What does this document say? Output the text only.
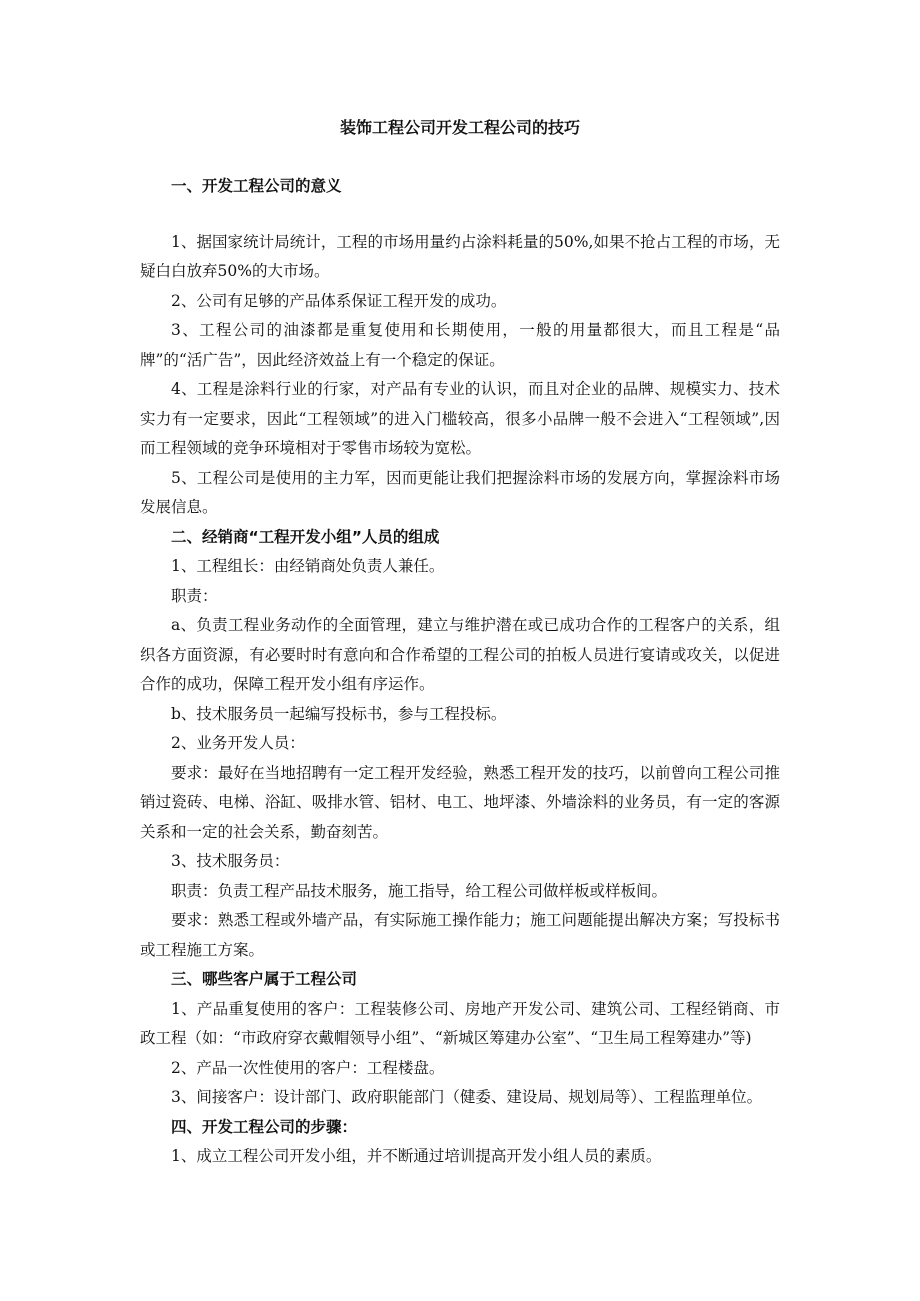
装饰工程公司开发工程公司的技巧

一、开发工程公司的意义

1、据国家统计局统计，工程的市场用量约占涂料耗量的50%,如果不抢占工程的市场，无疑白白放弃50%的大市场。

2、公司有足够的产品体系保证工程开发的成功。

3、工程公司的油漆都是重复使用和长期使用，一般的用量都很大，而且工程是“品牌”的“活广告”，因此经济效益上有一个稳定的保证。

4、工程是涂料行业的行家，对产品有专业的认识，而且对企业的品牌、规模实力、技术实力有一定要求，因此“工程领域”的进入门槛较高，很多小品牌一般不会进入“工程领域”,因而工程领域的竞争环境相对于零售市场较为宽松。

5、工程公司是使用的主力军，因而更能让我们把握涂料市场的发展方向，掌握涂料市场发展信息。

二、经销商“工程开发小组”人员的组成

1、工程组长：由经销商处负责人兼任。

职责：

a、负责工程业务动作的全面管理，建立与维护潜在或已成功合作的工程客户的关系，组织各方面资源，有必要时时有意向和合作希望的工程公司的拍板人员进行宴请或攻关，以促进合作的成功，保障工程开发小组有序运作。

b、技术服务员一起编写投标书，参与工程投标。

2、业务开发人员：

要求：最好在当地招聘有一定工程开发经验，熟悉工程开发的技巧，以前曾向工程公司推销过瓷砖、电梯、浴缸、吸排水管、铝材、电工、地坪漆、外墙涂料的业务员，有一定的客源关系和一定的社会关系，勤奋刻苦。

3、技术服务员：

职责：负责工程产品技术服务，施工指导，给工程公司做样板或样板间。

要求：熟悉工程或外墙产品，有实际施工操作能力；施工问题能提出解决方案；写投标书或工程施工方案。

三、哪些客户属于工程公司

1、产品重复使用的客户：工程装修公司、房地产开发公司、建筑公司、工程经销商、市政工程（如：“市政府穿衣戴帽领导小组”、“新城区筹建办公室”、“卫生局工程筹建办”等)

2、产品一次性使用的客户：工程楼盘。

3、间接客户：设计部门、政府职能部门（健委、建设局、规划局等）、工程监理单位。

四、开发工程公司的步骤：

1、成立工程公司开发小组，并不断通过培训提高开发小组人员的素质。
